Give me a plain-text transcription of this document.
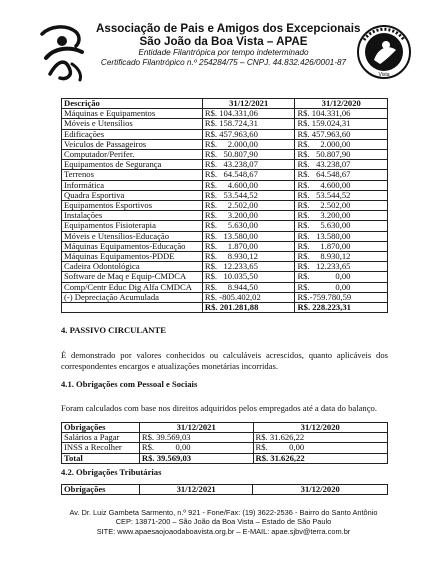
Associação de Pais e Amigos dos Excepcionais
São João da Boa Vista – APAE
Entidade Filantrópica por tempo indeterminado
Certificado Filantrópico n.º 254284/75 – CNPJ. 44.832.426/0001-87
Vista
Descrição	31/12/2021	31/12/2020
Máquinas e Equipamentos	R$. 104.331,06	R$. 104.331,06
Móveis e Utensílios	R$. 158.724,31	R$. 159.024,31
Edificações	R$. 457.963,60	R$. 457.963,60
Veículos de Passageiros	R$.     2.000,00	R$.     2.000,00
Computador/Perifer.	R$.   50.807,90	R$.   50.807,90
Equipamentos de Segurança	R$.   43.238,07	R$.   43.238,07
Terrenos	R$.   64.548,67	R$.   64.548,67
Informática	R$.     4.600,00	R$.     4.600,00
Quadra Esportiva	R$.   53.544,52	R$.   53.544,52
Equipamentos Esportivos	R$.     2.502,00	R$.     2.502,00
Instalações	R$.     3.200,00	R$.     3.200,00
Equipamentos Fisioterapia	R$.     5.630,00	R$.     5.630,00
Móveis e Utensílios-Educação	R$.   13.580,00	R$.   13.580,00
Máquinas Equipamentos-Educação	R$.     1.870,00	R$.     1.870,00
Máquinas Equipamentos-PDDE	R$.     8.930,12	R$.     8.930,12
Cadeira Odontológica	R$.   12.233,65	R$.   12.233,65
Software de Maq e Equip-CMDCA	R$.   10.035,50	R$.            0,00
Comp/Centr Educ Dig Alfa CMDCA	R$.     8.944,50	R$.            0,00
(-) Depreciação Acumulada	R$. -805.402,02	R$.-759.780,59
	R$. 201.281,88	R$. 228.223,31
4. PASSIVO CIRCULANTE
É demonstrado por valores conhecidos ou calculáveis acrescidos, quanto aplicáveis dos correspondentes encargos e atualizações monetárias incorridas.
4.1. Obrigações com Pessoal e Sociais
Foram calculados com base nos direitos adquiridos pelos empregados até a data do balanço.
Obrigações	31/12/2021	31/12/2020
Salários a Pagar	R$. 39.569,03	R$. 31.626,22
INSS a Recolher	R$.          0,00	R$.          0,00
Total	R$. 39.569,03	R$. 31.626,22
4.2. Obrigações Tributárias
Obrigações	31/12/2021	31/12/2020
Av. Dr. Luiz Gambeta Sarmento, n.º 921 - Fone/Fax: (19) 3622-2536 - Bairro do Santo Antônio
CEP: 13871-200 – São João da Boa Vista – Estado de São Paulo
SITE: www.apaesaojoaodaboavista.org.br – E-MAIL: apae.sjbv@terra.com.br
